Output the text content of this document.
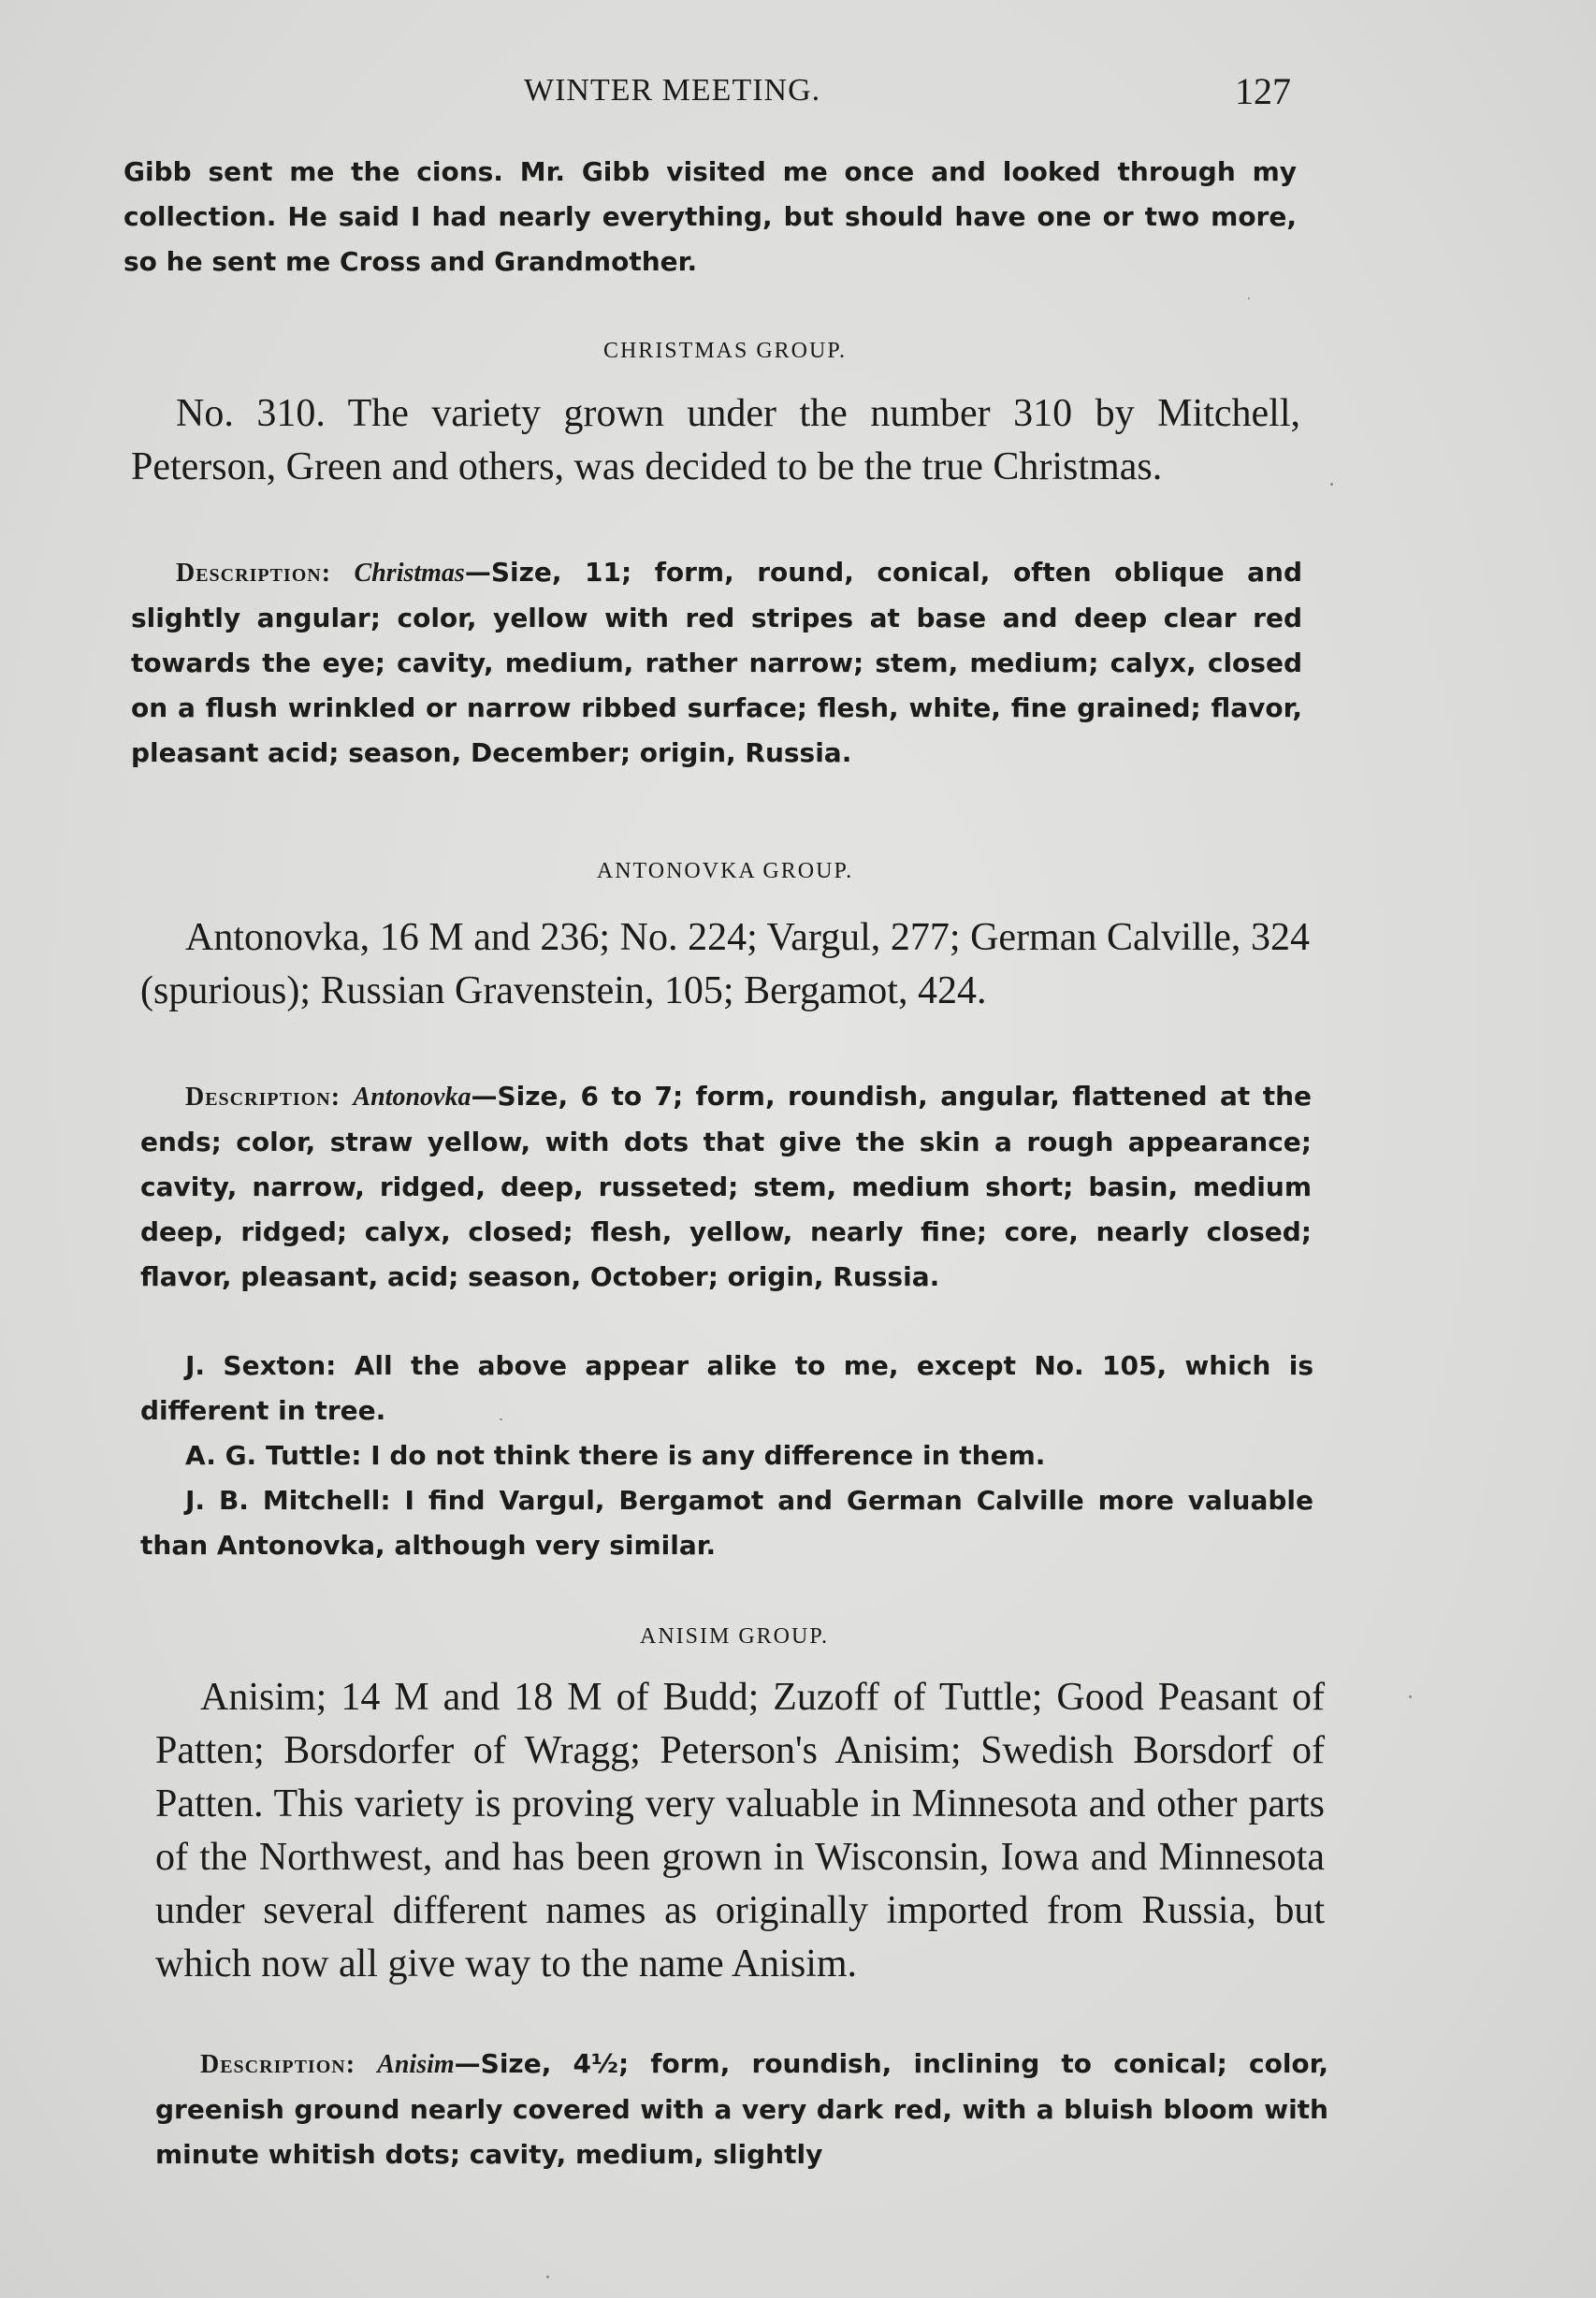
WINTER MEETING.	127

Gibb sent me the cions. Mr. Gibb visited me once and looked through my collection. He said I had nearly everything, but should have one or two more, so he sent me Cross and Grandmother.

CHRISTMAS GROUP.

No. 310. The variety grown under the number 310 by Mitchell, Peterson, Green and others, was decided to be the true Christmas.

Description: Christmas—Size, 11; form, round, conical, often oblique and slightly angular; color, yellow with red stripes at base and deep clear red towards the eye; cavity, medium, rather narrow; stem, medium; calyx, closed on a flush wrinkled or narrow ribbed surface; flesh, white, fine grained; flavor, pleasant acid; season, December; origin, Russia.

ANTONOVKA GROUP.

Antonovka, 16 M and 236; No. 224; Vargul, 277; German Calville, 324 (spurious); Russian Gravenstein, 105; Bergamot, 424.

Description: Antonovka—Size, 6 to 7; form, roundish, angular, flattened at the ends; color, straw yellow, with dots that give the skin a rough appearance; cavity, narrow, ridged, deep, russeted; stem, medium short; basin, medium deep, ridged; calyx, closed; flesh, yellow, nearly fine; core, nearly closed; flavor, pleasant, acid; season, October; origin, Russia.

J. Sexton: All the above appear alike to me, except No. 105, which is different in tree.

A. G. Tuttle: I do not think there is any difference in them.

J. B. Mitchell: I find Vargul, Bergamot and German Calville more valuable than Antonovka, although very similar.

ANISIM GROUP.

Anisim; 14 M and 18 M of Budd; Zuzoff of Tuttle; Good Peasant of Patten; Borsdorfer of Wragg; Peterson's Anisim; Swedish Borsdorf of Patten. This variety is proving very valuable in Minnesota and other parts of the Northwest, and has been grown in Wisconsin, Iowa and Minnesota under several different names as originally imported from Russia, but which now all give way to the name Anisim.

Description: Anisim—Size, 4½; form, roundish, inclining to conical; color, greenish ground nearly covered with a very dark red, with a bluish bloom with minute whitish dots; cavity, medium, slightly
